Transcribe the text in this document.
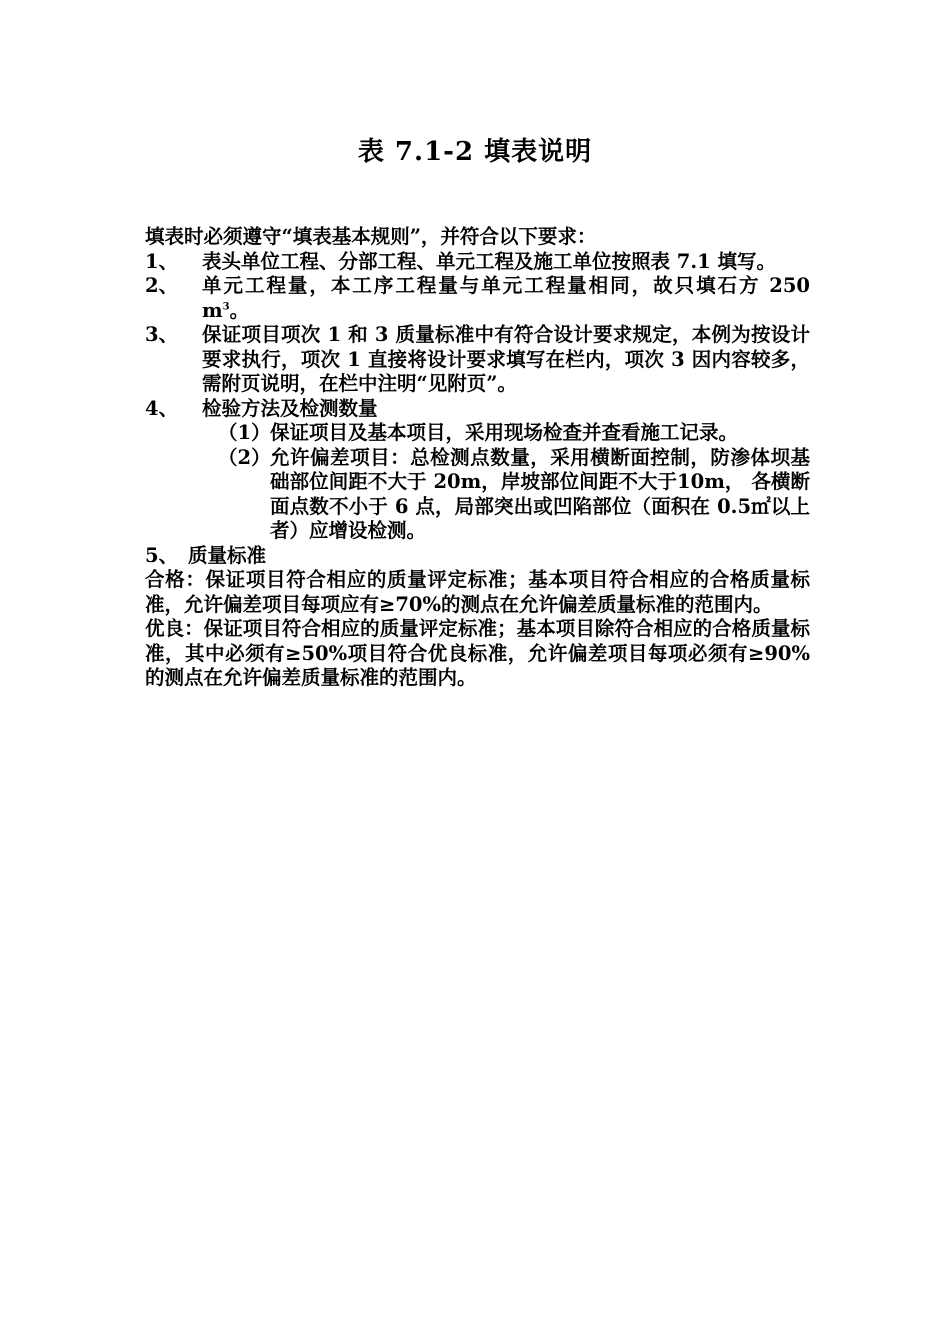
表 7.1-2 填表说明
填表时必须遵守“填表基本规则”，并符合以下要求：
1、	表头单位工程、分部工程、单元工程及施工单位按照表 7.1 填写。
2、	单元工程量，本工序工程量与单元工程量相同，故只填石方 250 $m^3$。
3、	保证项目项次 1 和 3 质量标准中有符合设计要求规定，本例为按设计要求执行，项次 1 直接将设计要求填写在栏内，项次 3 因内容较多，需附页说明，在栏中注明“见附页”。
4、	检验方法及检测数量
（1） 保证项目及基本项目，采用现场检查并查看施工记录。
（2） 允许偏差项目：总检测点数量，采用横断面控制，防渗体坝基础部位间距不大于 20m，岸坡部位间距不大于10m， 各横断面点数不小于 6 点，局部突出或凹陷部位（面积在 0.5㎡以上者）应增设检测。
5、 质量标准
合格：保证项目符合相应的质量评定标准；基本项目符合相应的合格质量标准，允许偏差项目每项应有≥70%的测点在允许偏差质量标准的范围内。
优良：保证项目符合相应的质量评定标准；基本项目除符合相应的合格质量标准，其中必须有≥50%项目符合优良标准，允许偏差项目每项必须有≥90%的测点在允许偏差质量标准的范围内。
